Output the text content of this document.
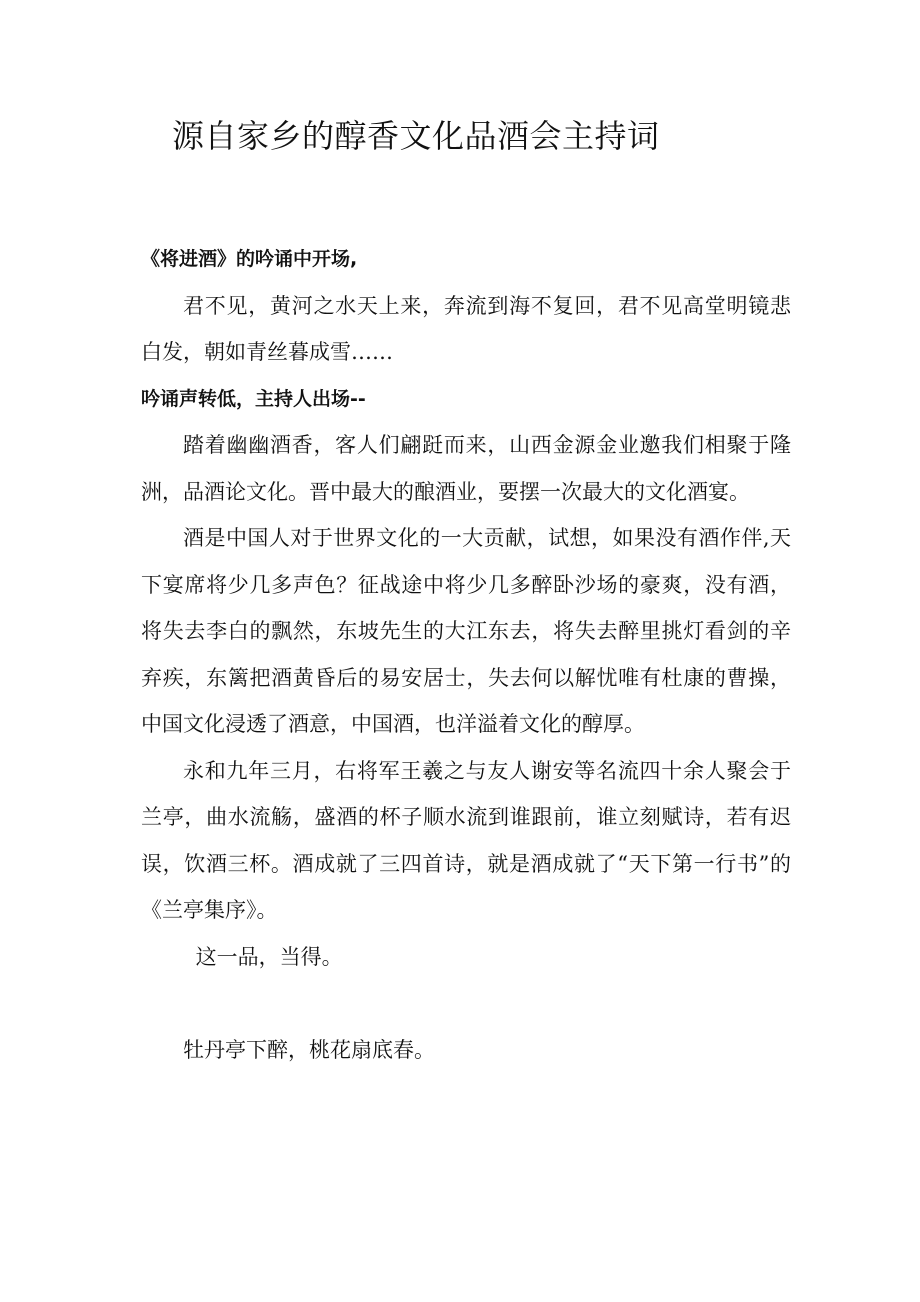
源自家乡的醇香文化品酒会主持词

《将进酒》的吟诵中开场,

君不见，黄河之水天上来，奔流到海不复回，君不见高堂明镜悲白发，朝如青丝暮成雪……

吟诵声转低，主持人出场--

踏着幽幽酒香，客人们翩跹而来，山西金源金业邀我们相聚于隆洲，品酒论文化。晋中最大的酿酒业，要摆一次最大的文化酒宴。

酒是中国人对于世界文化的一大贡献，试想，如果没有酒作伴,天下宴席将少几多声色？征战途中将少几多醉卧沙场的豪爽，没有酒，将失去李白的飘然，东坡先生的大江东去，将失去醉里挑灯看剑的辛弃疾，东篱把酒黄昏后的易安居士，失去何以解忧唯有杜康的曹操，中国文化浸透了酒意，中国酒，也洋溢着文化的醇厚。

永和九年三月，右将军王羲之与友人谢安等名流四十余人聚会于兰亭，曲水流觞，盛酒的杯子顺水流到谁跟前，谁立刻赋诗，若有迟误，饮酒三杯。酒成就了三四首诗，就是酒成就了“天下第一行书”的《兰亭集序》。

这一品，当得。

牡丹亭下醉，桃花扇底春。
